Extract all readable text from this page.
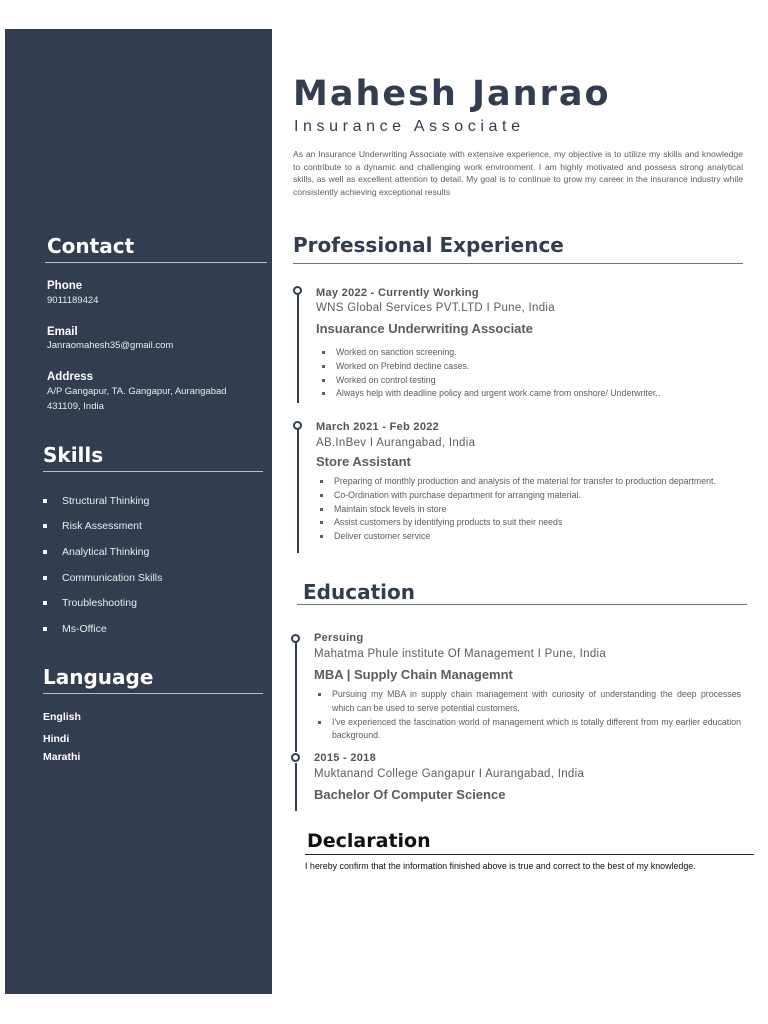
Contact
Phone
9011189424
Email
Janraomahesh35@gmail.com
Address
A/P Gangapur, TA. Gangapur, Aurangabad 431109, India
Skills
Structural Thinking
Risk Assessment
Analytical Thinking
Communication Skills
Troubleshooting
Ms-Office
Language
English
Hindi
Marathi
Mahesh Janrao
Insurance Associate
As an Insurance Underwriting Associate with extensive experience, my objective is to utilize my skills and knowledge to contribute to a dynamic and challenging work environment. I am highly motivated and possess strong analytical skills, as well as excellent attention to detail. My goal is to continue to grow my career in the insurance industry while consistently achieving exceptional results
Professional Experience
May 2022 - Currently Working
WNS Global Services PVT.LTD I Pune, India
Insuarance Underwriting Associate
Worked on sanction screening.
Worked on Prebind decline cases.
Worked on control testing
Always help with deadline policy and urgent work came from onshore/ Underwriter..
March 2021 - Feb 2022
AB.InBev I Aurangabad, India
Store Assistant
Preparing of monthly production and analysis of the material for transfer to production department.
Co-Ordination with purchase department for arranging material.
Maintain stock levels in store
Assist customers by identifying products to suit their needs
Deliver customer service
Education
Persuing
Mahatma Phule institute Of Management I Pune, India
MBA | Supply Chain Managemnt
Pursuing my MBA in supply chain management with curiosity of understanding the deep processes which can be used to serve potential customers.
I've experienced the fascination world of management which is totally different from my earlier education background.
2015 - 2018
Muktanand College Gangapur I Aurangabad, India
Bachelor Of Computer Science
Declaration
I hereby confirm that the information finished above is true and correct to the best of my knowledge.
